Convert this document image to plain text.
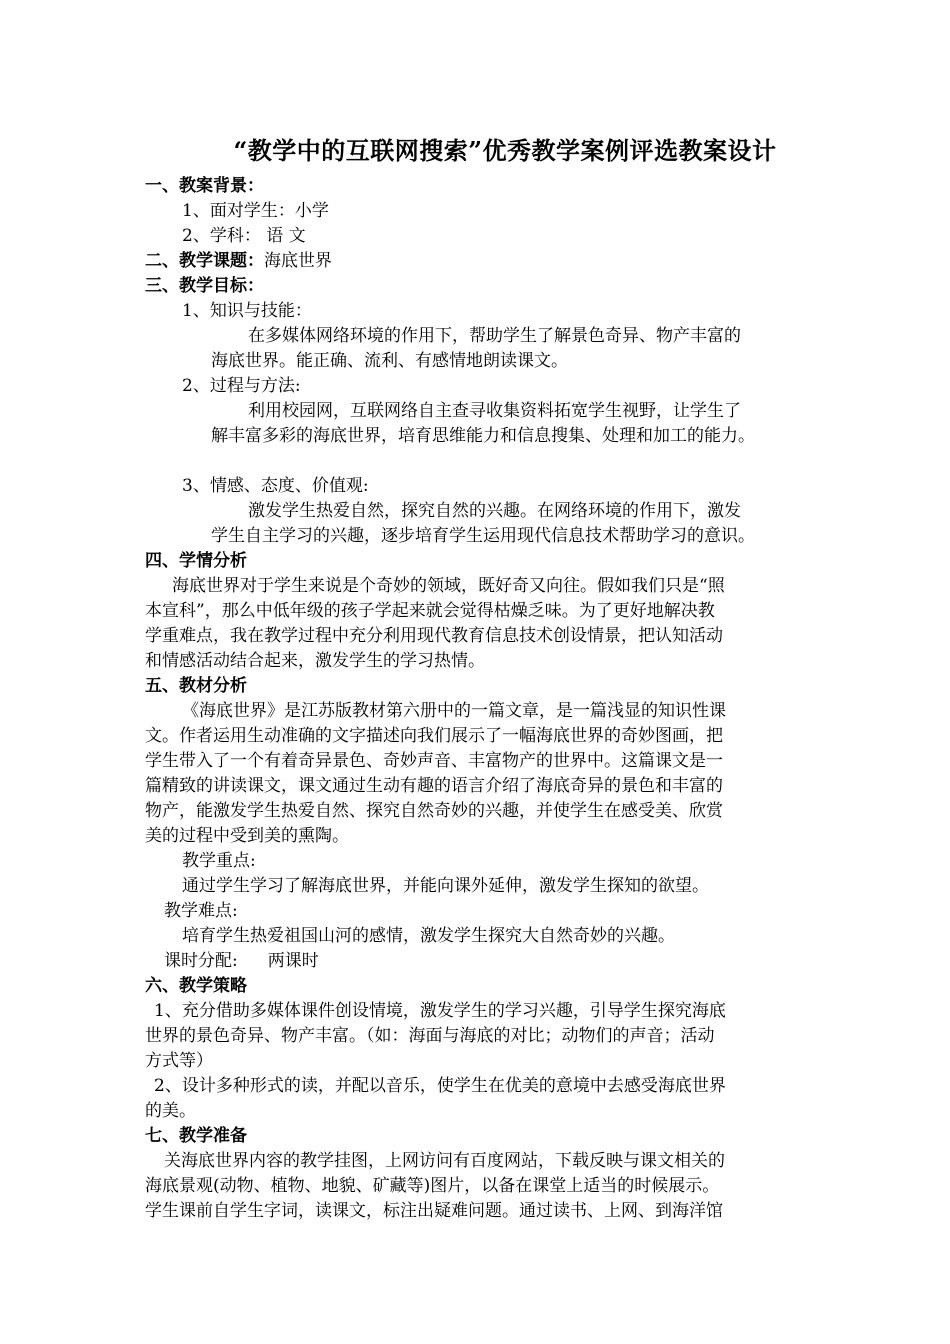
“教学中的互联网搜索”优秀教学案例评选教案设计
一、教案背景：
1、面对学生：小学
2、学科： 语 文
二、教学课题：海底世界
三、教学目标：
1、知识与技能：
在多媒体网络环境的作用下，帮助学生了解景色奇异、物产丰富的
海底世界。能正确、流利、有感情地朗读课文。
2、过程与方法:
利用校园网，互联网络自主查寻收集资料拓宽学生视野，让学生了
解丰富多彩的海底世界，培育思维能力和信息搜集、处理和加工的能力。
3、情感、态度、价值观:
激发学生热爱自然，探究自然的兴趣。在网络环境的作用下，激发
学生自主学习的兴趣，逐步培育学生运用现代信息技术帮助学习的意识。
四、学情分析
海底世界对于学生来说是个奇妙的领域，既好奇又向往。假如我们只是“照
本宣科”，那么中低年级的孩子学起来就会觉得枯燥乏味。为了更好地解决教
学重难点，我在教学过程中充分利用现代教育信息技术创设情景，把认知活动
和情感活动结合起来，激发学生的学习热情。
五、教材分析
《海底世界》是江苏版教材第六册中的一篇文章，是一篇浅显的知识性课
文。作者运用生动准确的文字描述向我们展示了一幅海底世界的奇妙图画，把
学生带入了一个有着奇异景色、奇妙声音、丰富物产的世界中。这篇课文是一
篇精致的讲读课文，课文通过生动有趣的语言介绍了海底奇异的景色和丰富的
物产，能激发学生热爱自然、探究自然奇妙的兴趣，并使学生在感受美、欣赏
美的过程中受到美的熏陶。
教学重点:
通过学生学习了解海底世界，并能向课外延伸，激发学生探知的欲望。
教学难点:
培育学生热爱祖国山河的感情，激发学生探究大自然奇妙的兴趣。
课时分配: 两课时
六、教学策略
1、充分借助多媒体课件创设情境，激发学生的学习兴趣，引导学生探究海底
世界的景色奇异、物产丰富。（如：海面与海底的对比；动物们的声音；活动
方式等）
2、设计多种形式的读，并配以音乐，使学生在优美的意境中去感受海底世界
的美。
七、教学准备
关海底世界内容的教学挂图，上网访问有百度网站，下载反映与课文相关的
海底景观(动物、植物、地貌、矿藏等)图片，以备在课堂上适当的时候展示。
学生课前自学生字词，读课文，标注出疑难问题。通过读书、上网、到海洋馆
